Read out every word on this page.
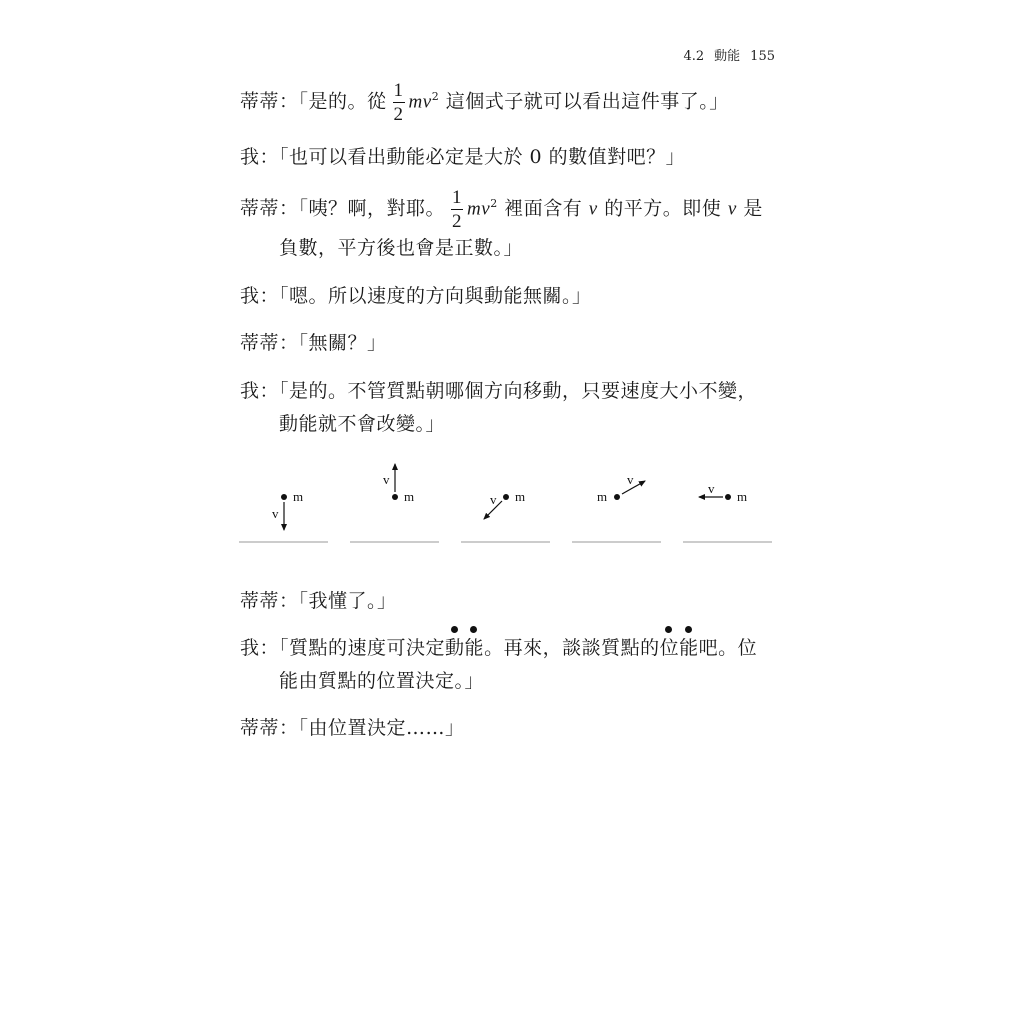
4.2 動能 155
蒂蒂：「是的。從 $\frac{1}{2} mv^2$ 這個式子就可以看出這件事了。」
我：「也可以看出動能必定是大於 0 的數值對吧？」
蒂蒂：「咦？啊，對耶。 $\frac{1}{2} mv^2$ 裡面含有 v 的平方。即使 v 是
負數，平方後也會是正數。」
我：「嗯。所以速度的方向與動能無關。」
蒂蒂：「無關？」
我：「是的。不管質點朝哪個方向移動，只要速度大小不變，
動能就不會改變。」
m
v
m
v
m
v	m
v
m
v
蒂蒂：「我懂了。」
我：「質點的速度可決定動能。再來，談談質點的位能吧。位
能由質點的位置決定。」
蒂蒂：「由位置決定……」
